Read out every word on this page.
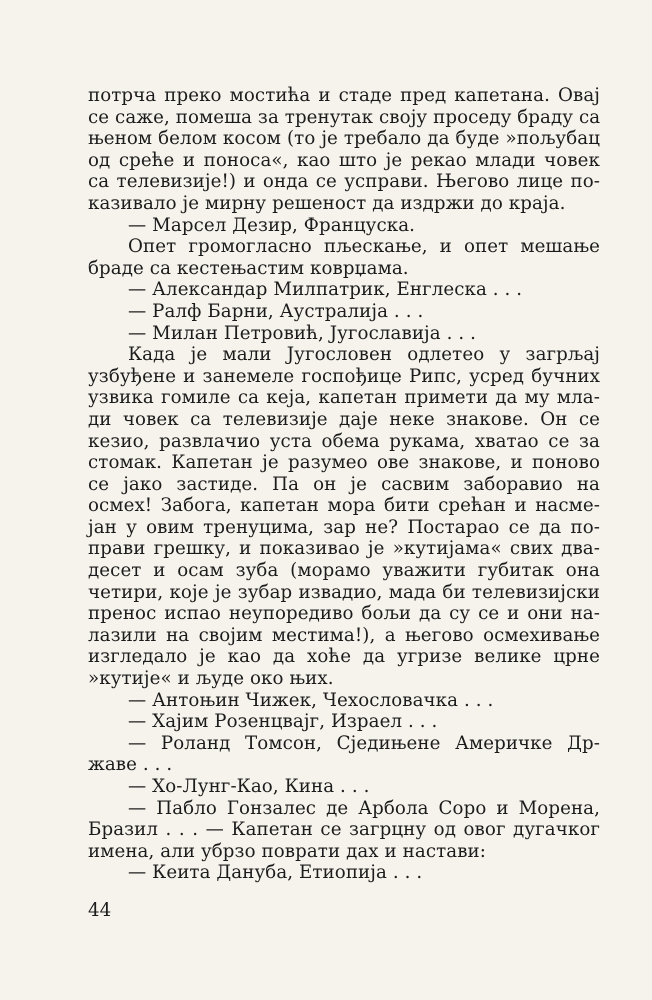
потрча преко мостића и стаде пред капетана. Овај
се саже, помеша за тренутак своју проседу браду са
њеном белом косом (то је требало да буде »пољубац
од среће и поноса«, као што је рекао млади човек
са телевизије!) и онда се усправи. Његово лице по-
казивало је мирну решеност да издржи до краја.
— Марсел Дезир, Француска.
Опет громогласно пљескање, и опет мешање
браде са кестењастим коврџама.
— Александар Милпатрик, Енглеска . . .
— Ралф Барни, Аустралија . . .
— Милан Петровић, Југославија . . .
Када је мали Југословен одлетео у загрљај
узбуђене и занемеле госпођице Рипс, усред бучних
узвика гомиле са кеја, капетан примети да му мла-
ди човек са телевизије даје неке знакове. Он се
кезио, развлачио уста обема рукама, хватао се за
стомак. Капетан је разумео ове знакове, и поново
се јако застиде. Па он је сасвим заборавио на
осмех! Забога, капетан мора бити срећан и насме-
јан у овим тренуцима, зар не? Постарао се да по-
прави грешку, и показивао је »кутијама« свих два-
десет и осам зуба (морамо уважити губитак она
четири, које је зубар извадио, мада би телевизијски
пренос испао неупоредиво бољи да су се и они на-
лазили на својим местима!), а његово осмехивање
изгледало је као да хоће да угризе велике црне
»кутије« и људе око њих.
— Антоњин Чижек, Чехословачка . . .
— Хајим Розенцвајг, Израел . . .
— Роланд Томсон, Сједињене Америчке Др-
жаве . . .
— Хо-Лунг-Као, Кина . . .
— Пабло Гонзалес де Арбола Соро и Морена,
Бразил . . . — Капетан се загрцну од овог дугачког
имена, али убрзо поврати дах и настави:
— Кеита Дануба, Етиопија . . .
44
